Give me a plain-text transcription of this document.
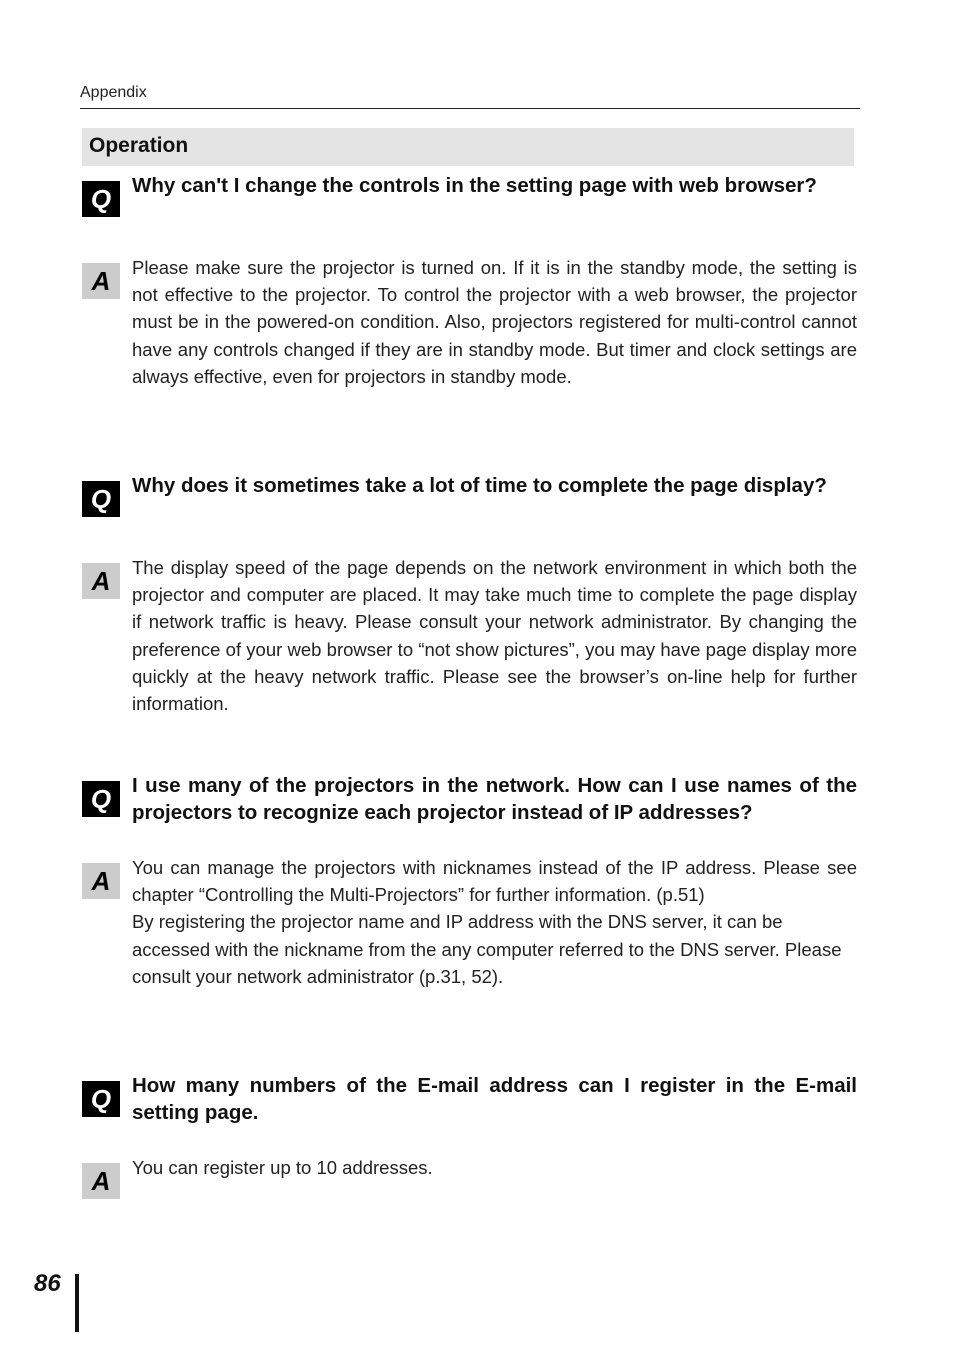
Appendix
Operation
Q	Why can't I change the controls in the setting page with web browser?
A	Please make sure the projector is turned on. If it is in the standby mode, the setting is not effective to the projector. To control the projector with a web browser, the projector must be in the powered-on condition. Also, projectors registered for multi-control cannot have any controls changed if they are in standby mode. But timer and clock settings are always effective, even for projectors in standby mode.

Q	Why does it sometimes take a lot of time to complete the page display?
A	The display speed of the page depends on the network environment in which both the projector and computer are placed. It may take much time to complete the page display if network traffic is heavy. Please consult your network administrator. By changing the preference of your web browser to “not show pictures”, you may have page display more quickly at the heavy network traffic. Please see the browser’s on-line help for further information.

Q	I use many of the projectors in the network. How can I use names of the projectors to recognize each projector instead of IP addresses?
A	You can manage the projectors with nicknames instead of the IP address. Please see chapter “Controlling the Multi-Projectors” for further information. (p.51)

By registering the projector name and IP address with the DNS server, it can be accessed with the nickname from the any computer referred to the DNS server. Please consult your network administrator (p.31, 52).

Q	How many numbers of the E-mail address can I register in the E-mail setting page.
A	You can register up to 10 addresses.

86
